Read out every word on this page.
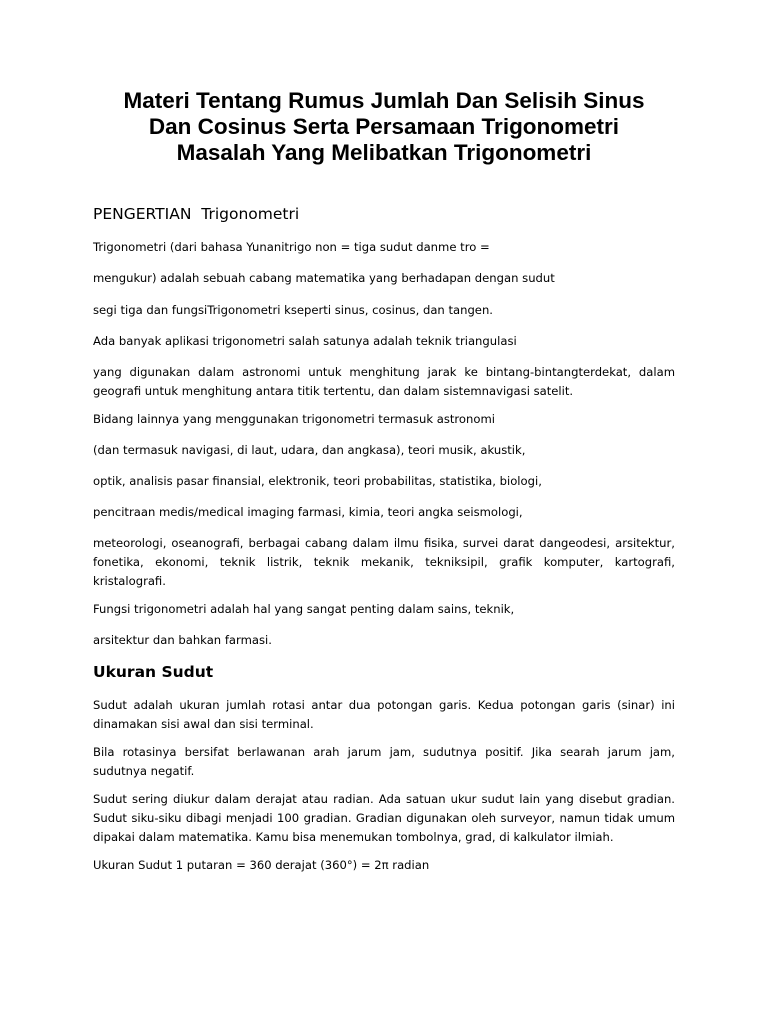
Materi Tentang Rumus Jumlah Dan Selisih Sinus
Dan Cosinus Serta Persamaan Trigonometri
Masalah Yang Melibatkan Trigonometri
PENGERTIAN  Trigonometri

Trigonometri (dari bahasa Yunanitrigo non = tiga sudut danme tro =

mengukur) adalah sebuah cabang matematika yang berhadapan dengan sudut

segi tiga dan fungsiTrigonometri kseperti sinus, cosinus, dan tangen.

Ada banyak aplikasi trigonometri salah satunya adalah teknik triangulasi

yang digunakan dalam astronomi untuk menghitung jarak ke bintang-bintangterdekat, dalam geografi untuk menghitung antara titik tertentu, dan dalam sistemnavigasi satelit.

Bidang lainnya yang menggunakan trigonometri termasuk astronomi

(dan termasuk navigasi, di laut, udara, dan angkasa), teori musik, akustik,

optik, analisis pasar finansial, elektronik, teori probabilitas, statistika, biologi,

pencitraan medis/medical imaging farmasi, kimia, teori angka seismologi,

meteorologi, oseanografi, berbagai cabang dalam ilmu fisika, survei darat dangeodesi, arsitektur, fonetika, ekonomi, teknik listrik, teknik mekanik, tekniksipil, grafik komputer, kartografi, kristalografi.

Fungsi trigonometri adalah hal yang sangat penting dalam sains, teknik,

arsitektur dan bahkan farmasi.

Ukuran Sudut

Sudut adalah ukuran jumlah rotasi antar dua potongan garis. Kedua potongan garis (sinar) ini dinamakan sisi awal dan sisi terminal.

Bila rotasinya bersifat berlawanan arah jarum jam, sudutnya positif. Jika searah jarum jam, sudutnya negatif.

Sudut sering diukur dalam derajat atau radian. Ada satuan ukur sudut lain yang disebut gradian. Sudut siku-siku dibagi menjadi 100 gradian. Gradian digunakan oleh surveyor, namun tidak umum dipakai dalam matematika. Kamu bisa menemukan tombolnya, grad, di kalkulator ilmiah.

Ukuran Sudut 1 putaran = 360 derajat (360°) = 2π radian
